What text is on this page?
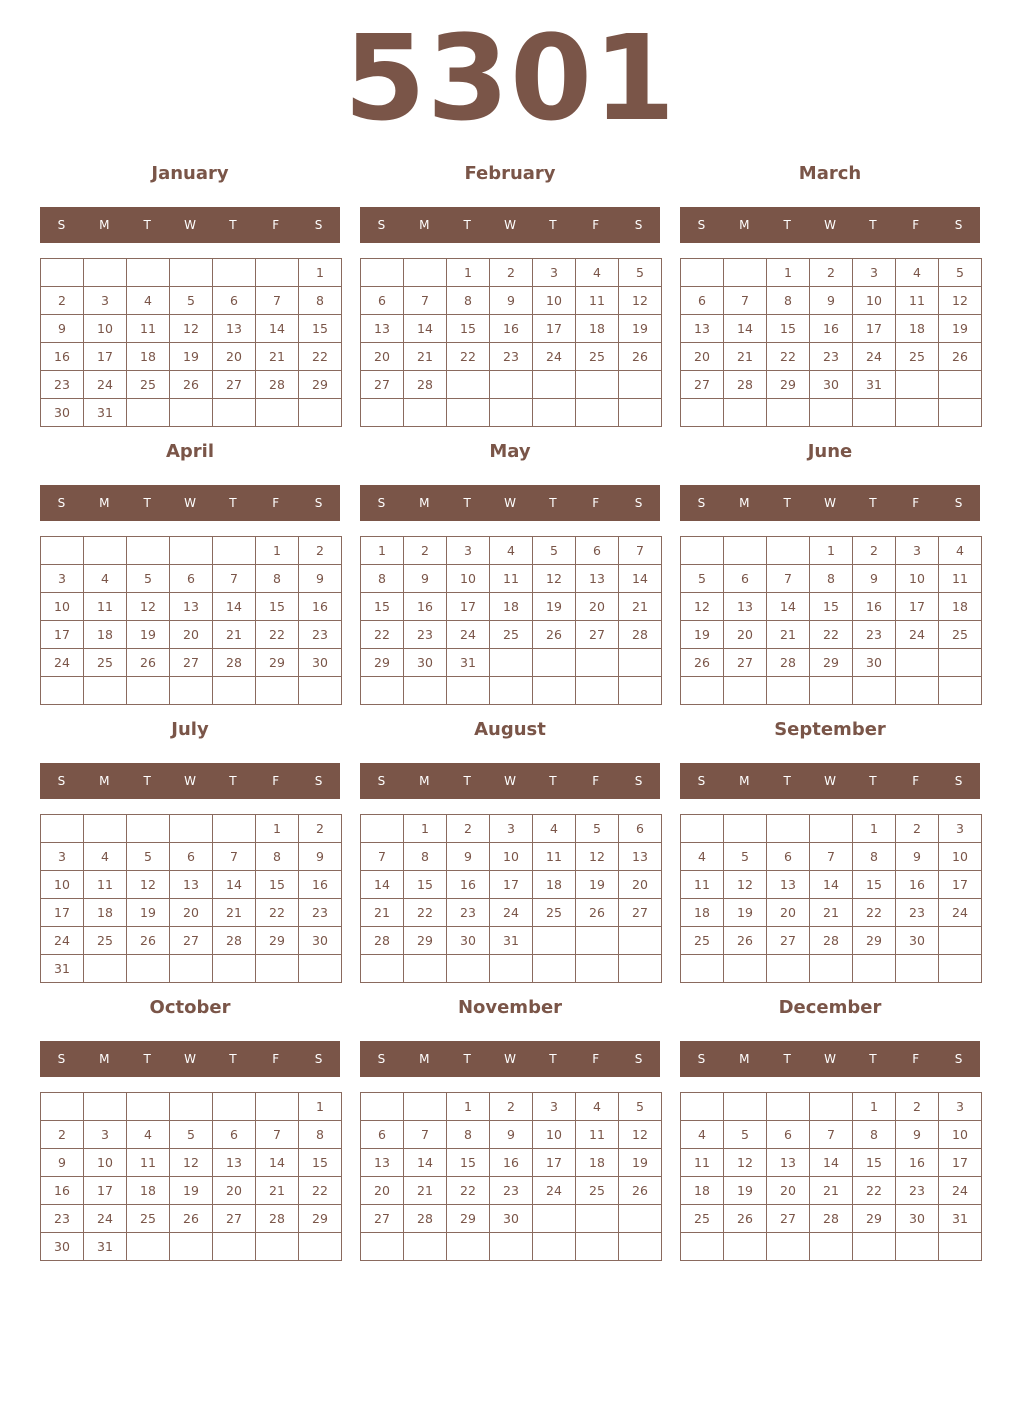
5301
January
S	M	T	W	T	F	S
						1
2	3	4	5	6	7	8
9	10	11	12	13	14	15
16	17	18	19	20	21	22
23	24	25	26	27	28	29
30	31					
February
S	M	T	W	T	F	S
		1	2	3	4	5
6	7	8	9	10	11	12
13	14	15	16	17	18	19
20	21	22	23	24	25	26
27	28					

March
S	M	T	W	T	F	S
		1	2	3	4	5
6	7	8	9	10	11	12
13	14	15	16	17	18	19
20	21	22	23	24	25	26
27	28	29	30	31		

April
S	M	T	W	T	F	S
					1	2
3	4	5	6	7	8	9
10	11	12	13	14	15	16
17	18	19	20	21	22	23
24	25	26	27	28	29	30

May
S	M	T	W	T	F	S
1	2	3	4	5	6	7
8	9	10	11	12	13	14
15	16	17	18	19	20	21
22	23	24	25	26	27	28
29	30	31				

June
S	M	T	W	T	F	S
			1	2	3	4
5	6	7	8	9	10	11
12	13	14	15	16	17	18
19	20	21	22	23	24	25
26	27	28	29	30		

July
S	M	T	W	T	F	S
					1	2
3	4	5	6	7	8	9
10	11	12	13	14	15	16
17	18	19	20	21	22	23
24	25	26	27	28	29	30
31						
August
S	M	T	W	T	F	S
	1	2	3	4	5	6
7	8	9	10	11	12	13
14	15	16	17	18	19	20
21	22	23	24	25	26	27
28	29	30	31			

September
S	M	T	W	T	F	S
				1	2	3
4	5	6	7	8	9	10
11	12	13	14	15	16	17
18	19	20	21	22	23	24
25	26	27	28	29	30	

October
S	M	T	W	T	F	S
						1
2	3	4	5	6	7	8
9	10	11	12	13	14	15
16	17	18	19	20	21	22
23	24	25	26	27	28	29
30	31					
November
S	M	T	W	T	F	S
		1	2	3	4	5
6	7	8	9	10	11	12
13	14	15	16	17	18	19
20	21	22	23	24	25	26
27	28	29	30			

December
S	M	T	W	T	F	S
				1	2	3
4	5	6	7	8	9	10
11	12	13	14	15	16	17
18	19	20	21	22	23	24
25	26	27	28	29	30	31
